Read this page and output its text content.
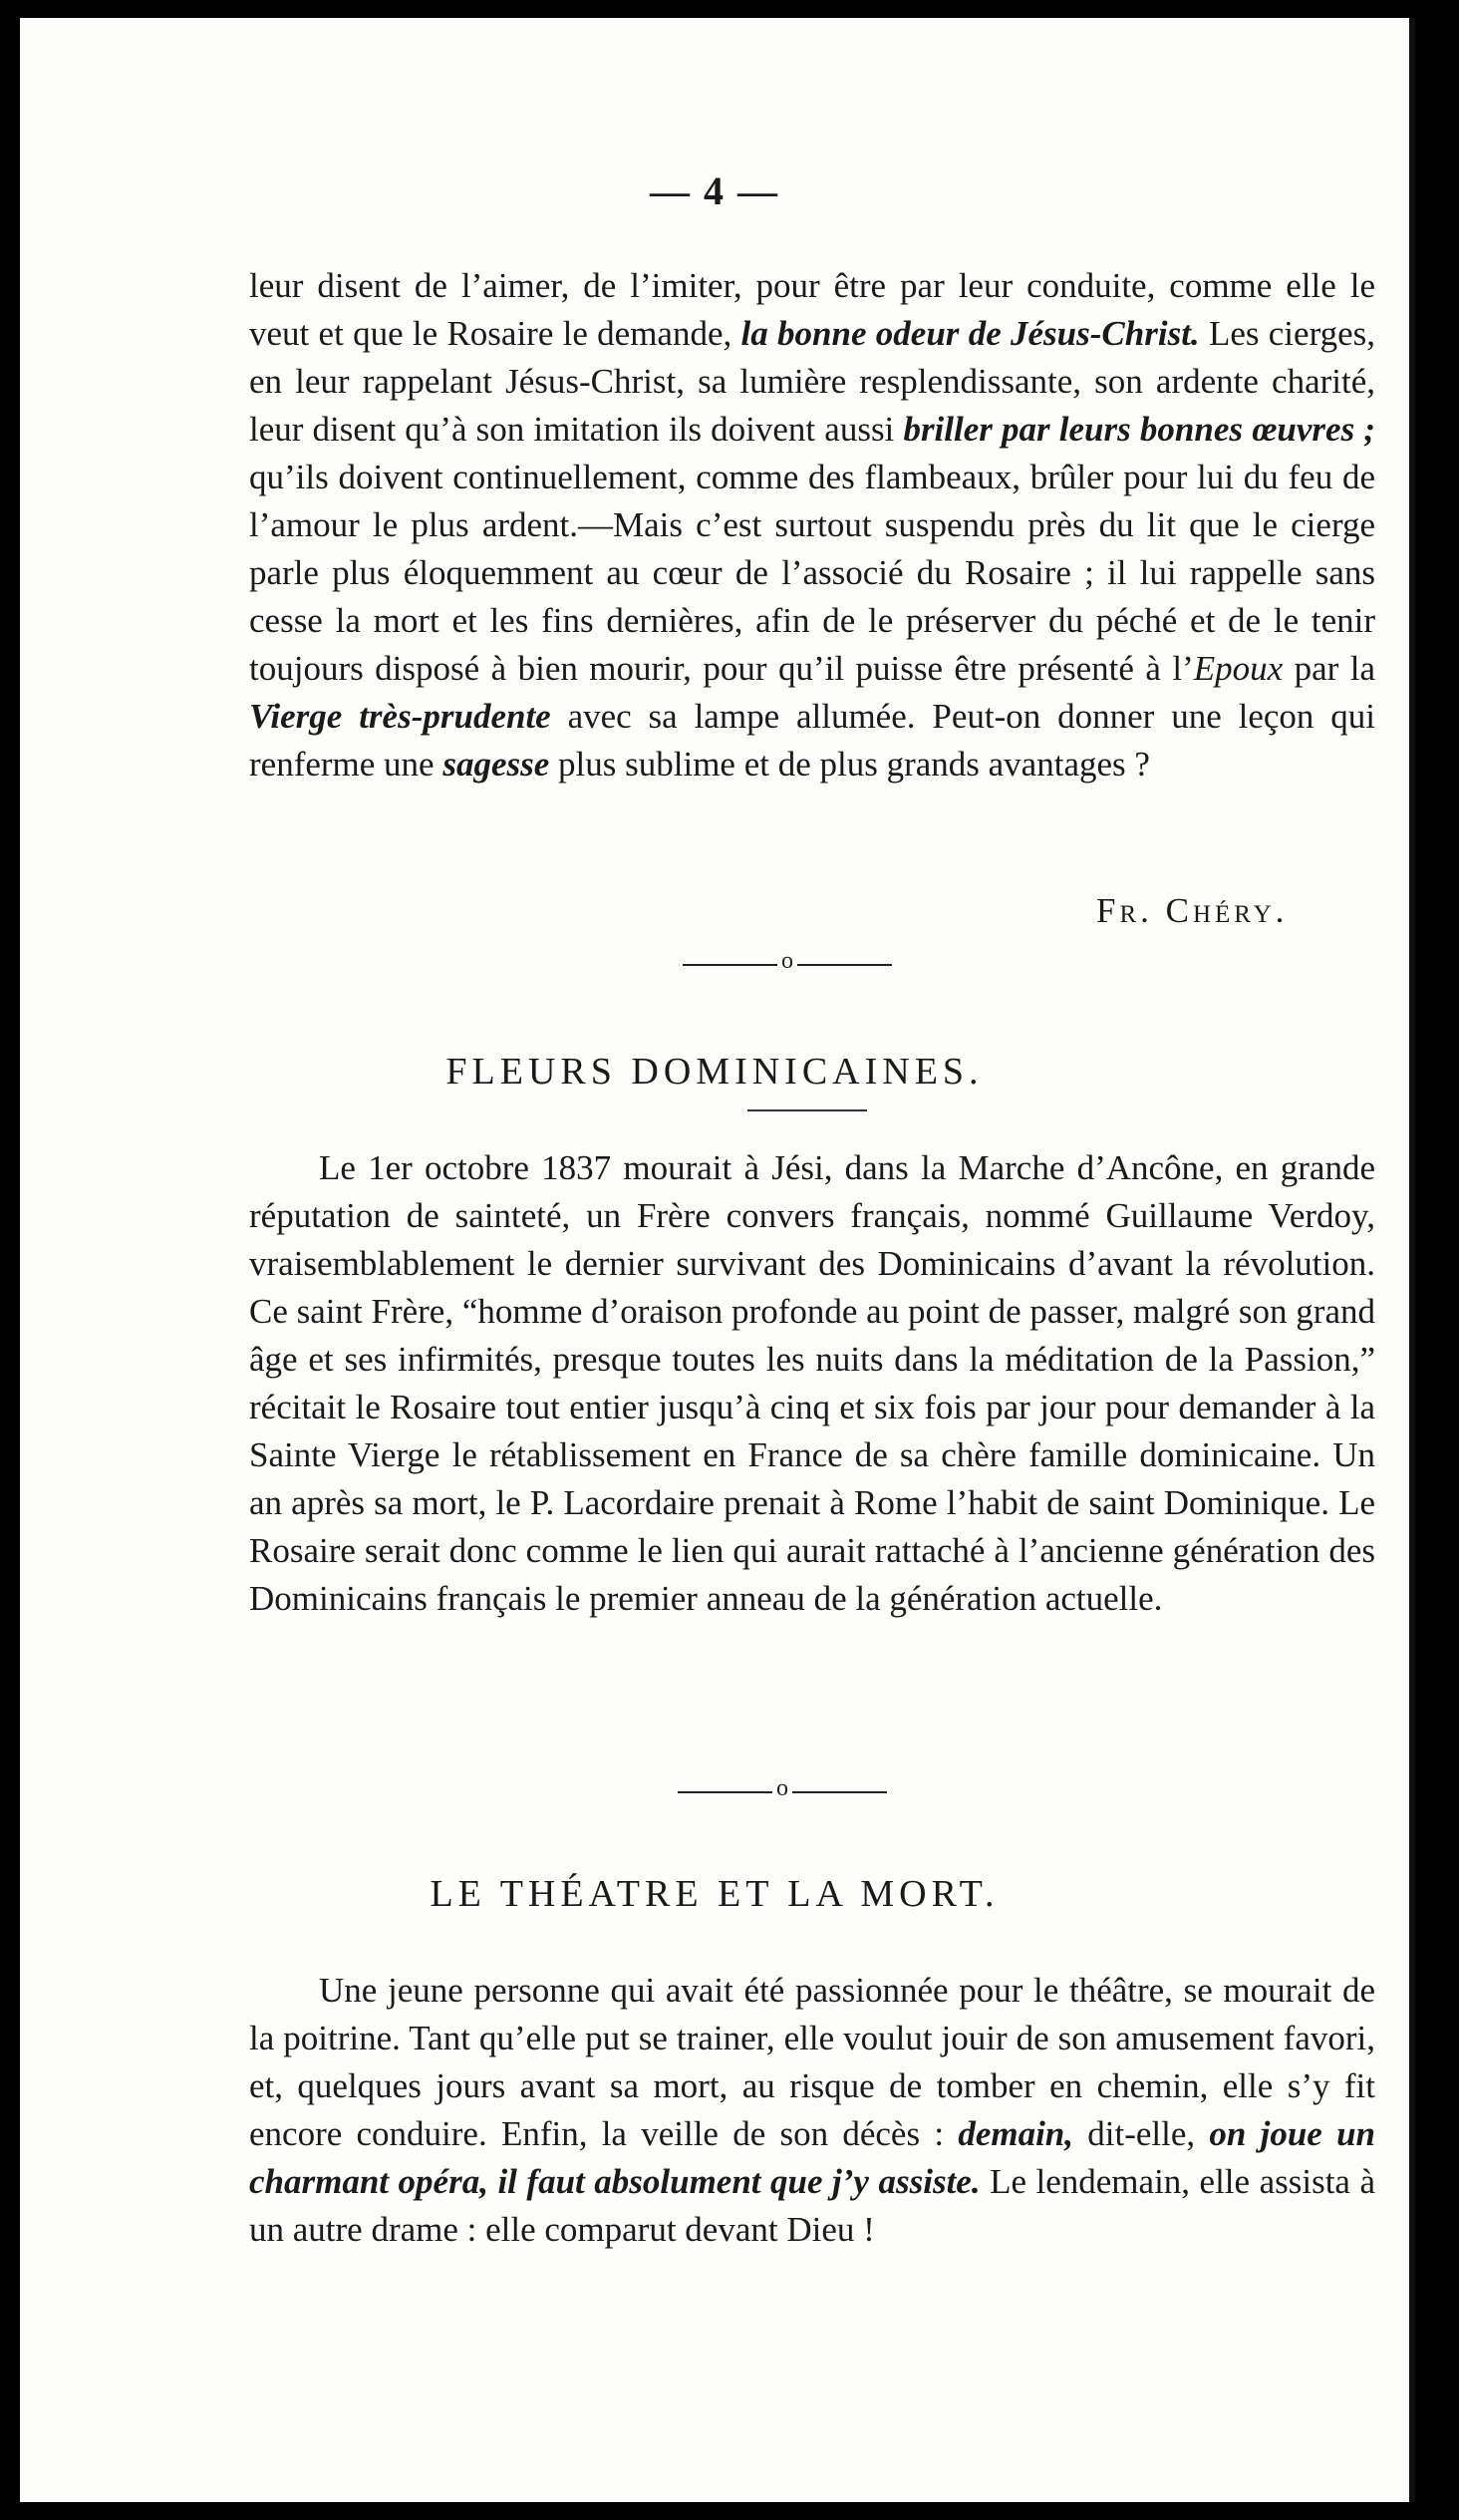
— 4 —

leur disent de l’aimer, de l’imiter, pour être par leur conduite, comme elle le veut et que le Rosaire le demande, la bonne odeur de Jésus-Christ. Les cierges, en leur rappelant Jésus-Christ, sa lumière resplendissante, son ardente charité, leur disent qu’à son imitation ils doivent aussi briller par leurs bonnes œuvres ; qu’ils doivent continuellement, comme des flambeaux, brûler pour lui du feu de l’amour le plus ardent.—Mais c’est surtout suspendu près du lit que le cierge parle plus éloquemment au cœur de l’associé du Rosaire ; il lui rappelle sans cesse la mort et les fins dernières, afin de le préserver du péché et de le tenir toujours disposé à bien mourir, pour qu’il puisse être présenté à l’Epoux par la Vierge très-prudente avec sa lampe allumée. Peut-on donner une leçon qui renferme une sagesse plus sublime et de plus grands avantages ?

Fr. Chéry.
o
FLEURS DOMINICAINES.

Le 1er octobre 1837 mourait à Jési, dans la Marche d’Ancône, en grande réputation de sainteté, un Frère convers français, nommé Guillaume Verdoy, vraisemblablement le dernier survivant des Dominicains d’avant la révolution. Ce saint Frère, “homme d’oraison profonde au point de passer, malgré son grand âge et ses infirmités, presque toutes les nuits dans la méditation de la Passion,” récitait le Rosaire tout entier jusqu’à cinq et six fois par jour pour demander à la Sainte Vierge le rétablissement en France de sa chère famille dominicaine. Un an après sa mort, le P. Lacordaire prenait à Rome l’habit de saint Dominique. Le Rosaire serait donc comme le lien qui aurait rattaché à l’ancienne génération des Dominicains français le premier anneau de la génération actuelle.

o
LE THÉATRE ET LA MORT.

Une jeune personne qui avait été passionnée pour le théâtre, se mourait de la poitrine. Tant qu’elle put se trainer, elle voulut jouir de son amusement favori, et, quelques jours avant sa mort, au risque de tomber en chemin, elle s’y fit encore conduire. Enfin, la veille de son décès : demain, dit-elle, on joue un charmant opéra, il faut absolument que j’y assiste. Le lendemain, elle assista à un autre drame : elle comparut devant Dieu !
